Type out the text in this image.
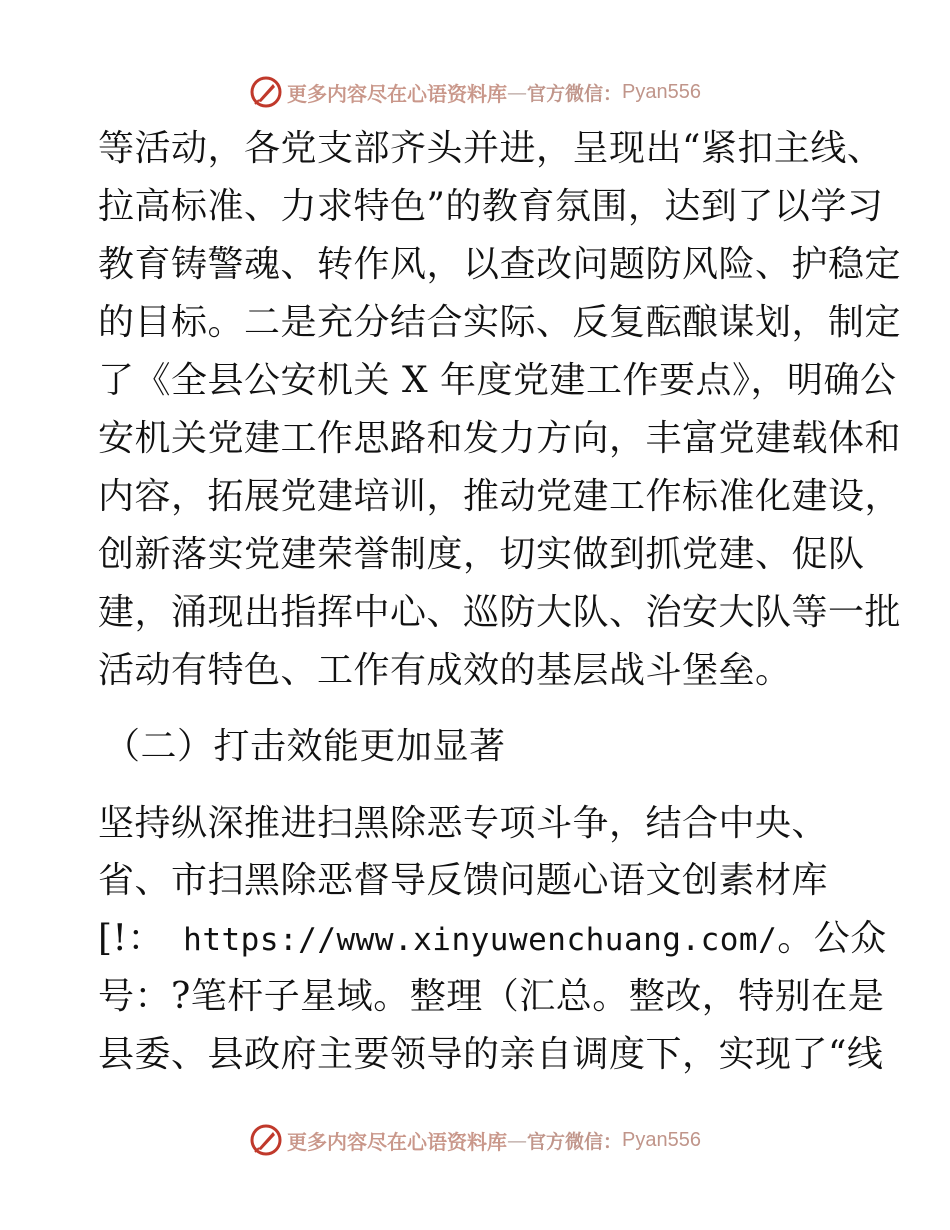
更多内容尽在心语资料库 — 官方微信： Pyan556
等活动，各党支部齐头并进，呈现出“紧扣主线、
拉高标准、力求特色”的教育氛围，达到了以学习
教育铸警魂、转作风，以查改问题防风险、护稳定
的目标。二是充分结合实际、反复酝酿谋划，制定
了《全县公安机关 X 年度党建工作要点》，明确公
安机关党建工作思路和发力方向，丰富党建载体和
内容，拓展党建培训，推动党建工作标准化建设，
创新落实党建荣誉制度，切实做到抓党建、促队
建，涌现出指挥中心、巡防大队、治安大队等一批
活动有特色、工作有成效的基层战斗堡垒。
（二）打击效能更加显著
坚持纵深推进扫黑除恶专项斗争，结合中央、
省、市扫黑除恶督导反馈问题心语文创素材库
[!： https://www.xinyuwenchuang.com/。公众
号：?笔杆子星域。整理（汇总。整改，特别在是
县委、县政府主要领导的亲自调度下，实现了“线
更多内容尽在心语资料库 — 官方微信： Pyan556
